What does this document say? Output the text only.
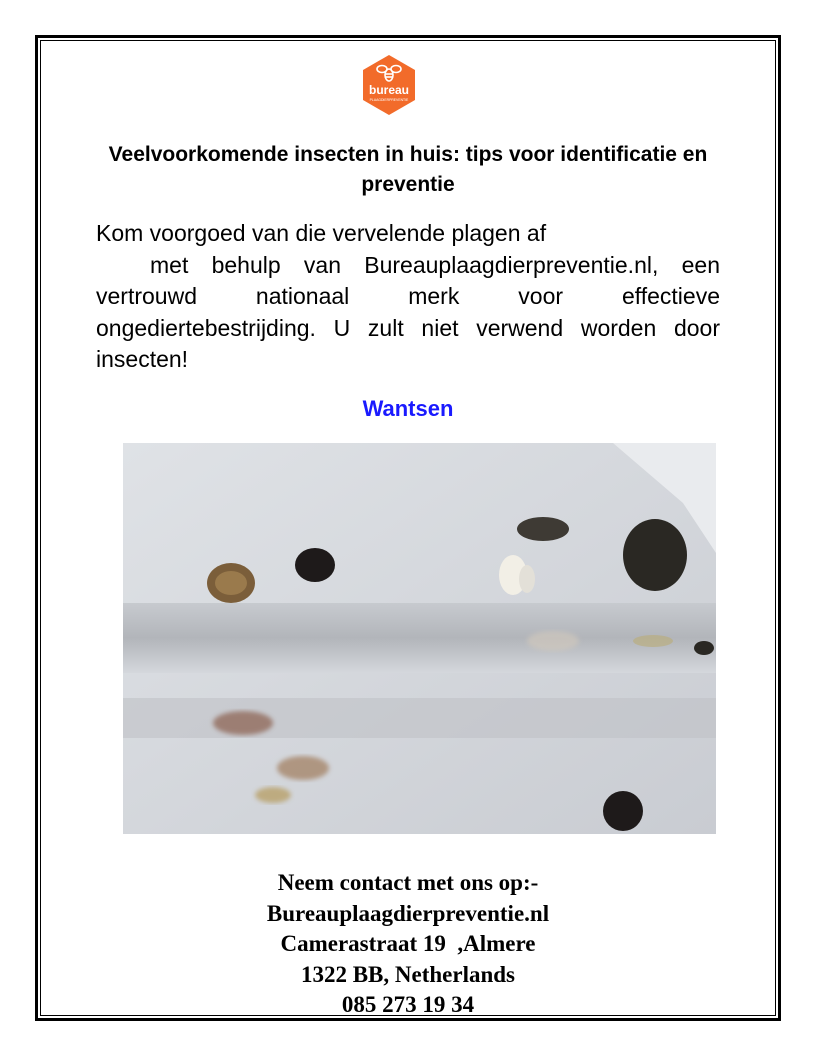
bureau
PLAAGDIERPREVENTIE
Veelvoorkomende insecten in huis: tips voor identificatie en preventie

Kom voorgoed van die vervelende plagen af
met behulp van Bureauplaagdierpreventie.nl, een vertrouwd nationaal merk voor effectieve ongediertebestrijding. U zult niet verwend worden door insecten!

Wantsen
Neem contact met ons op:-
Bureauplaagdierpreventie.nl
Camerastraat 19  ,Almere
1322 BB, Netherlands
085 273 19 34
